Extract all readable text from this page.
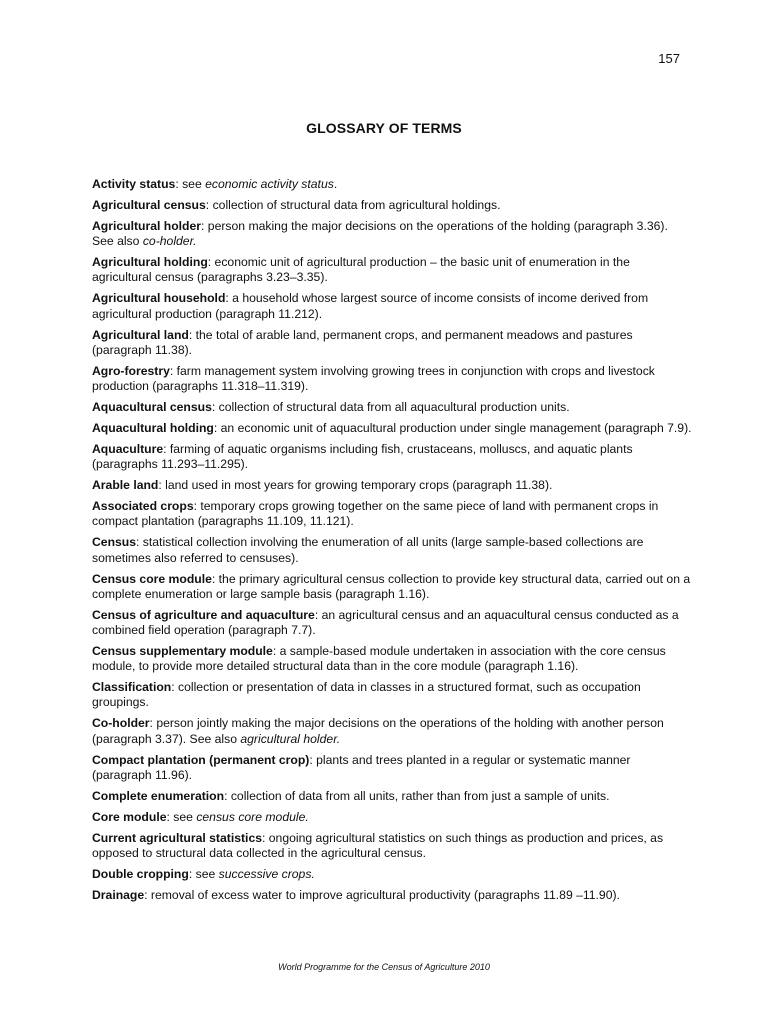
157
GLOSSARY OF TERMS

Activity status: see economic activity status.

Agricultural census: collection of structural data from agricultural holdings.

Agricultural holder: person making the major decisions on the operations of the holding (paragraph 3.36). See also co-holder.

Agricultural holding: economic unit of agricultural production – the basic unit of enumeration in the agricultural census (paragraphs 3.23–3.35).

Agricultural household: a household whose largest source of income consists of income derived from agricultural production (paragraph 11.212).

Agricultural land: the total of arable land, permanent crops, and permanent meadows and pastures (paragraph 11.38).

Agro-forestry: farm management system involving growing trees in conjunction with crops and livestock production (paragraphs 11.318–11.319).

Aquacultural census: collection of structural data from all aquacultural production units.

Aquacultural holding: an economic unit of aquacultural production under single management (paragraph 7.9).

Aquaculture: farming of aquatic organisms including fish, crustaceans, molluscs, and aquatic plants (paragraphs 11.293–11.295).

Arable land: land used in most years for growing temporary crops (paragraph 11.38).

Associated crops: temporary crops growing together on the same piece of land with permanent crops in compact plantation (paragraphs 11.109, 11.121).

Census: statistical collection involving the enumeration of all units (large sample-based collections are sometimes also referred to censuses).

Census core module: the primary agricultural census collection to provide key structural data, carried out on a complete enumeration or large sample basis (paragraph 1.16).

Census of agriculture and aquaculture: an agricultural census and an aquacultural census conducted as a combined field operation (paragraph 7.7).

Census supplementary module: a sample-based module undertaken in association with the core census module, to provide more detailed structural data than in the core module (paragraph 1.16).

Classification: collection or presentation of data in classes in a structured format, such as occupation groupings.

Co-holder: person jointly making the major decisions on the operations of the holding with another person (paragraph 3.37). See also agricultural holder.

Compact plantation (permanent crop): plants and trees planted in a regular or systematic manner (paragraph 11.96).

Complete enumeration: collection of data from all units, rather than from just a sample of units.

Core module: see census core module.

Current agricultural statistics: ongoing agricultural statistics on such things as production and prices, as opposed to structural data collected in the agricultural census.

Double cropping: see successive crops.

Drainage: removal of excess water to improve agricultural productivity (paragraphs 11.89 –11.90).

World Programme for the Census of Agriculture 2010
